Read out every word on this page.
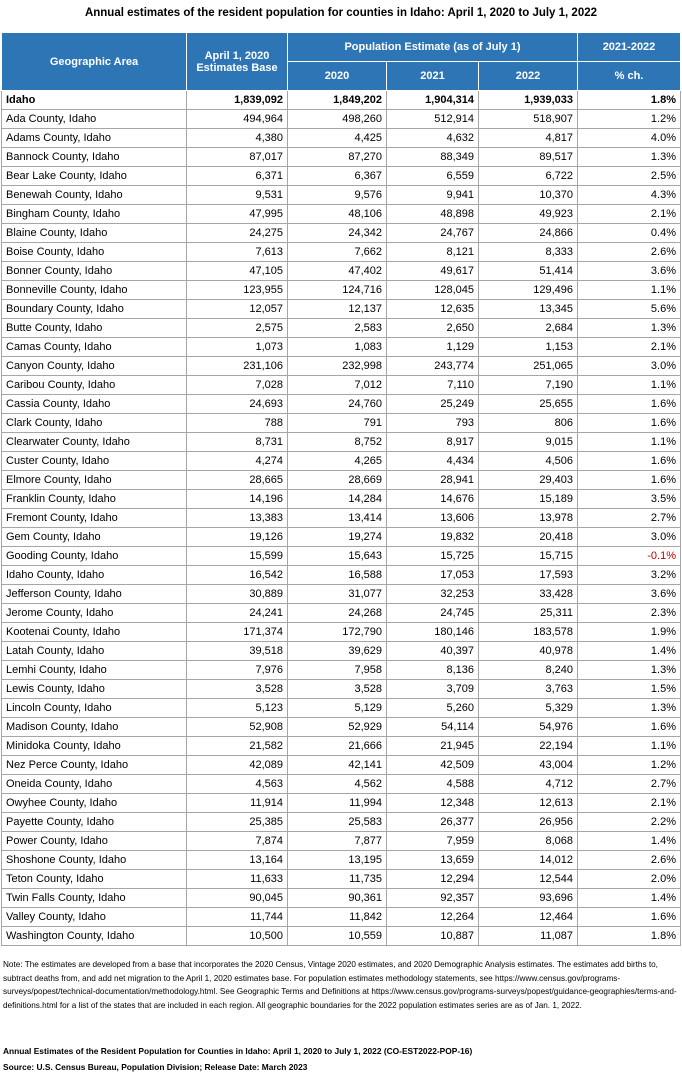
Annual estimates of the resident population for counties in Idaho: April 1, 2020 to July 1, 2022
Geographic Area	April 1, 2020
Estimates Base	Population Estimate (as of July 1)			2021-2022
		2020	2021	2022	% ch.
Idaho	1,839,092	1,849,202	1,904,314	1,939,033	1.8%
Ada County, Idaho	494,964	498,260	512,914	518,907	1.2%
Adams County, Idaho	4,380	4,425	4,632	4,817	4.0%
Bannock County, Idaho	87,017	87,270	88,349	89,517	1.3%
Bear Lake County, Idaho	6,371	6,367	6,559	6,722	2.5%
Benewah County, Idaho	9,531	9,576	9,941	10,370	4.3%
Bingham County, Idaho	47,995	48,106	48,898	49,923	2.1%
Blaine County, Idaho	24,275	24,342	24,767	24,866	0.4%
Boise County, Idaho	7,613	7,662	8,121	8,333	2.6%
Bonner County, Idaho	47,105	47,402	49,617	51,414	3.6%
Bonneville County, Idaho	123,955	124,716	128,045	129,496	1.1%
Boundary County, Idaho	12,057	12,137	12,635	13,345	5.6%
Butte County, Idaho	2,575	2,583	2,650	2,684	1.3%
Camas County, Idaho	1,073	1,083	1,129	1,153	2.1%
Canyon County, Idaho	231,106	232,998	243,774	251,065	3.0%
Caribou County, Idaho	7,028	7,012	7,110	7,190	1.1%
Cassia County, Idaho	24,693	24,760	25,249	25,655	1.6%
Clark County, Idaho	788	791	793	806	1.6%
Clearwater County, Idaho	8,731	8,752	8,917	9,015	1.1%
Custer County, Idaho	4,274	4,265	4,434	4,506	1.6%
Elmore County, Idaho	28,665	28,669	28,941	29,403	1.6%
Franklin County, Idaho	14,196	14,284	14,676	15,189	3.5%
Fremont County, Idaho	13,383	13,414	13,606	13,978	2.7%
Gem County, Idaho	19,126	19,274	19,832	20,418	3.0%
Gooding County, Idaho	15,599	15,643	15,725	15,715	-0.1%
Idaho County, Idaho	16,542	16,588	17,053	17,593	3.2%
Jefferson County, Idaho	30,889	31,077	32,253	33,428	3.6%
Jerome County, Idaho	24,241	24,268	24,745	25,311	2.3%
Kootenai County, Idaho	171,374	172,790	180,146	183,578	1.9%
Latah County, Idaho	39,518	39,629	40,397	40,978	1.4%
Lemhi County, Idaho	7,976	7,958	8,136	8,240	1.3%
Lewis County, Idaho	3,528	3,528	3,709	3,763	1.5%
Lincoln County, Idaho	5,123	5,129	5,260	5,329	1.3%
Madison County, Idaho	52,908	52,929	54,114	54,976	1.6%
Minidoka County, Idaho	21,582	21,666	21,945	22,194	1.1%
Nez Perce County, Idaho	42,089	42,141	42,509	43,004	1.2%
Oneida County, Idaho	4,563	4,562	4,588	4,712	2.7%
Owyhee County, Idaho	11,914	11,994	12,348	12,613	2.1%
Payette County, Idaho	25,385	25,583	26,377	26,956	2.2%
Power County, Idaho	7,874	7,877	7,959	8,068	1.4%
Shoshone County, Idaho	13,164	13,195	13,659	14,012	2.6%
Teton County, Idaho	11,633	11,735	12,294	12,544	2.0%
Twin Falls County, Idaho	90,045	90,361	92,357	93,696	1.4%
Valley County, Idaho	11,744	11,842	12,264	12,464	1.6%
Washington County, Idaho	10,500	10,559	10,887	11,087	1.8%
Note: The estimates are developed from a base that incorporates the 2020 Census, Vintage 2020 estimates, and 2020 Demographic Analysis estimates. The estimates add births to, subtract deaths from, and add net migration to the April 1, 2020 estimates base. For population estimates methodology statements, see https://www.census.gov/programs-surveys/popest/technical-documentation/methodology.html. See Geographic Terms and Definitions at https://www.census.gov/programs-surveys/popest/guidance-geographies/terms-and-definitions.html for a list of the states that are included in each region. All geographic boundaries for the 2022 population estimates series are as of Jan. 1, 2022.
Annual Estimates of the Resident Population for Counties in Idaho: April 1, 2020 to July 1, 2022 (CO-EST2022-POP-16)
Source: U.S. Census Bureau, Population Division; Release Date: March 2023
